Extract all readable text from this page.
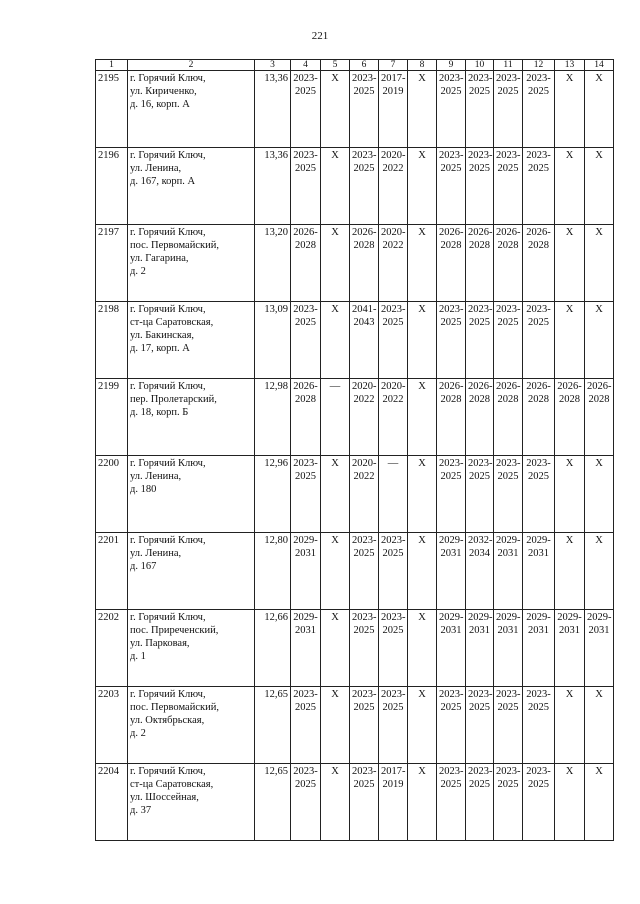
221
1	2	3	4	5	6	7	8	9	10	11	12	13	14
2195	г. Горячий Ключ,
ул. Кириченко,
д. 16, корп. А	13,36	2023-
2025	Х	2023-
2025	2017-
2019	Х	2023-
2025	2023-
2025	2023-
2025	2023-
2025	Х	Х
2196	г. Горячий Ключ,
ул. Ленина,
д. 167, корп. А	13,36	2023-
2025	Х	2023-
2025	2020-
2022	Х	2023-
2025	2023-
2025	2023-
2025	2023-
2025	Х	Х
2197	г. Горячий Ключ,
пос. Первомайский,
ул. Гагарина,
д. 2	13,20	2026-
2028	Х	2026-
2028	2020-
2022	Х	2026-
2028	2026-
2028	2026-
2028	2026-
2028	Х	Х
2198	г. Горячий Ключ,
ст-ца Саратовская,
ул. Бакинская,
д. 17, корп. А	13,09	2023-
2025	Х	2041-
2043	2023-
2025	Х	2023-
2025	2023-
2025	2023-
2025	2023-
2025	Х	Х
2199	г. Горячий Ключ,
пер. Пролетарский,
д. 18, корп. Б	12,98	2026-
2028	—	2020-
2022	2020-
2022	Х	2026-
2028	2026-
2028	2026-
2028	2026-
2028	2026-
2028	2026-
2028
2200	г. Горячий Ключ,
ул. Ленина,
д. 180	12,96	2023-
2025	Х	2020-
2022	—	Х	2023-
2025	2023-
2025	2023-
2025	2023-
2025	Х	Х
2201	г. Горячий Ключ,
ул. Ленина,
д. 167	12,80	2029-
2031	Х	2023-
2025	2023-
2025	Х	2029-
2031	2032-
2034	2029-
2031	2029-
2031	Х	Х
2202	г. Горячий Ключ,
пос. Приреченский,
ул. Парковая,
д. 1	12,66	2029-
2031	Х	2023-
2025	2023-
2025	Х	2029-
2031	2029-
2031	2029-
2031	2029-
2031	2029-
2031	2029-
2031
2203	г. Горячий Ключ,
пос. Первомайский,
ул. Октябрьская,
д. 2	12,65	2023-
2025	Х	2023-
2025	2023-
2025	Х	2023-
2025	2023-
2025	2023-
2025	2023-
2025	Х	Х
2204	г. Горячий Ключ,
ст-ца Саратовская,
ул. Шоссейная,
д. 37	12,65	2023-
2025	Х	2023-
2025	2017-
2019	Х	2023-
2025	2023-
2025	2023-
2025	2023-
2025	Х	Х
